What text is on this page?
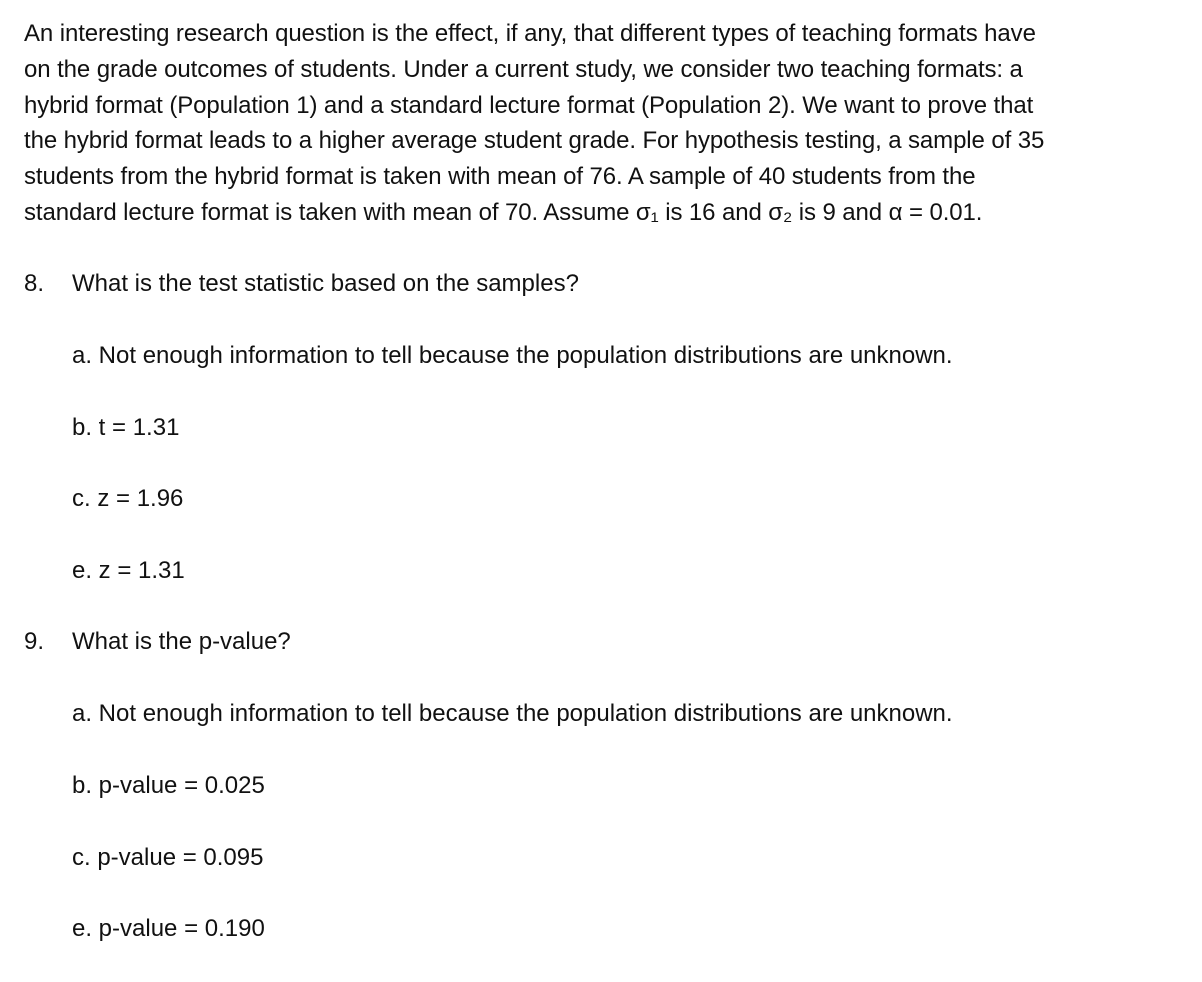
An interesting research question is the effect, if any, that different types of teaching formats have
on the grade outcomes of students. Under a current study, we consider two teaching formats: a
hybrid format (Population 1) and a standard lecture format (Population 2). We want to prove that
the hybrid format leads to a higher average student grade. For hypothesis testing, a sample of 35
students from the hybrid format is taken with mean of 76. A sample of 40 students from the
standard lecture format is taken with mean of 70. Assume σ₁ is 16 and σ₂ is 9 and α = 0.01.

8. What is the test statistic based on the samples?
a. Not enough information to tell because the population distributions are unknown.
b. t = 1.31
c. z = 1.96
e. z = 1.31
9. What is the p-value?
a. Not enough information to tell because the population distributions are unknown.
b. p-value = 0.025
c. p-value = 0.095
e. p-value = 0.190
